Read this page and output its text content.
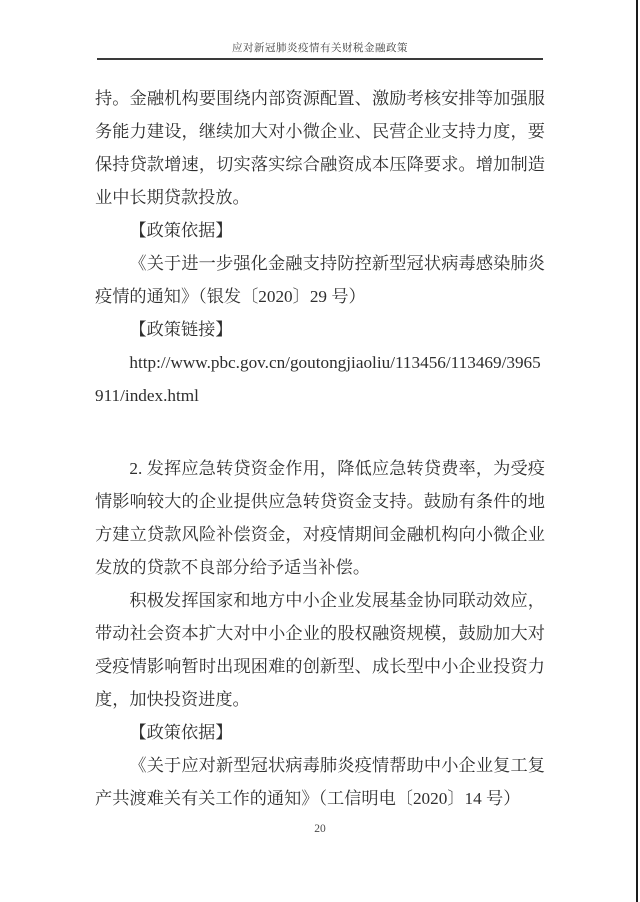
应对新冠肺炎疫情有关财税金融政策

持。金融机构要围绕内部资源配置、激励考核安排等加强服务能力建设，继续加大对小微企业、民营企业支持力度，要保持贷款增速，切实落实综合融资成本压降要求。增加制造业中长期贷款投放。

【政策依据】

《关于进一步强化金融支持防控新型冠状病毒感染肺炎疫情的通知》（银发〔2020〕29 号）

【政策链接】

http://www.pbc.gov.cn/goutongjiaoliu/113456/113469/3965911/index.html

2. 发挥应急转贷资金作用，降低应急转贷费率，为受疫情影响较大的企业提供应急转贷资金支持。鼓励有条件的地方建立贷款风险补偿资金，对疫情期间金融机构向小微企业发放的贷款不良部分给予适当补偿。

积极发挥国家和地方中小企业发展基金协同联动效应，带动社会资本扩大对中小企业的股权融资规模，鼓励加大对受疫情影响暂时出现困难的创新型、成长型中小企业投资力度，加快投资进度。

【政策依据】

《关于应对新型冠状病毒肺炎疫情帮助中小企业复工复产共渡难关有关工作的通知》（工信明电〔2020〕14 号）

20
